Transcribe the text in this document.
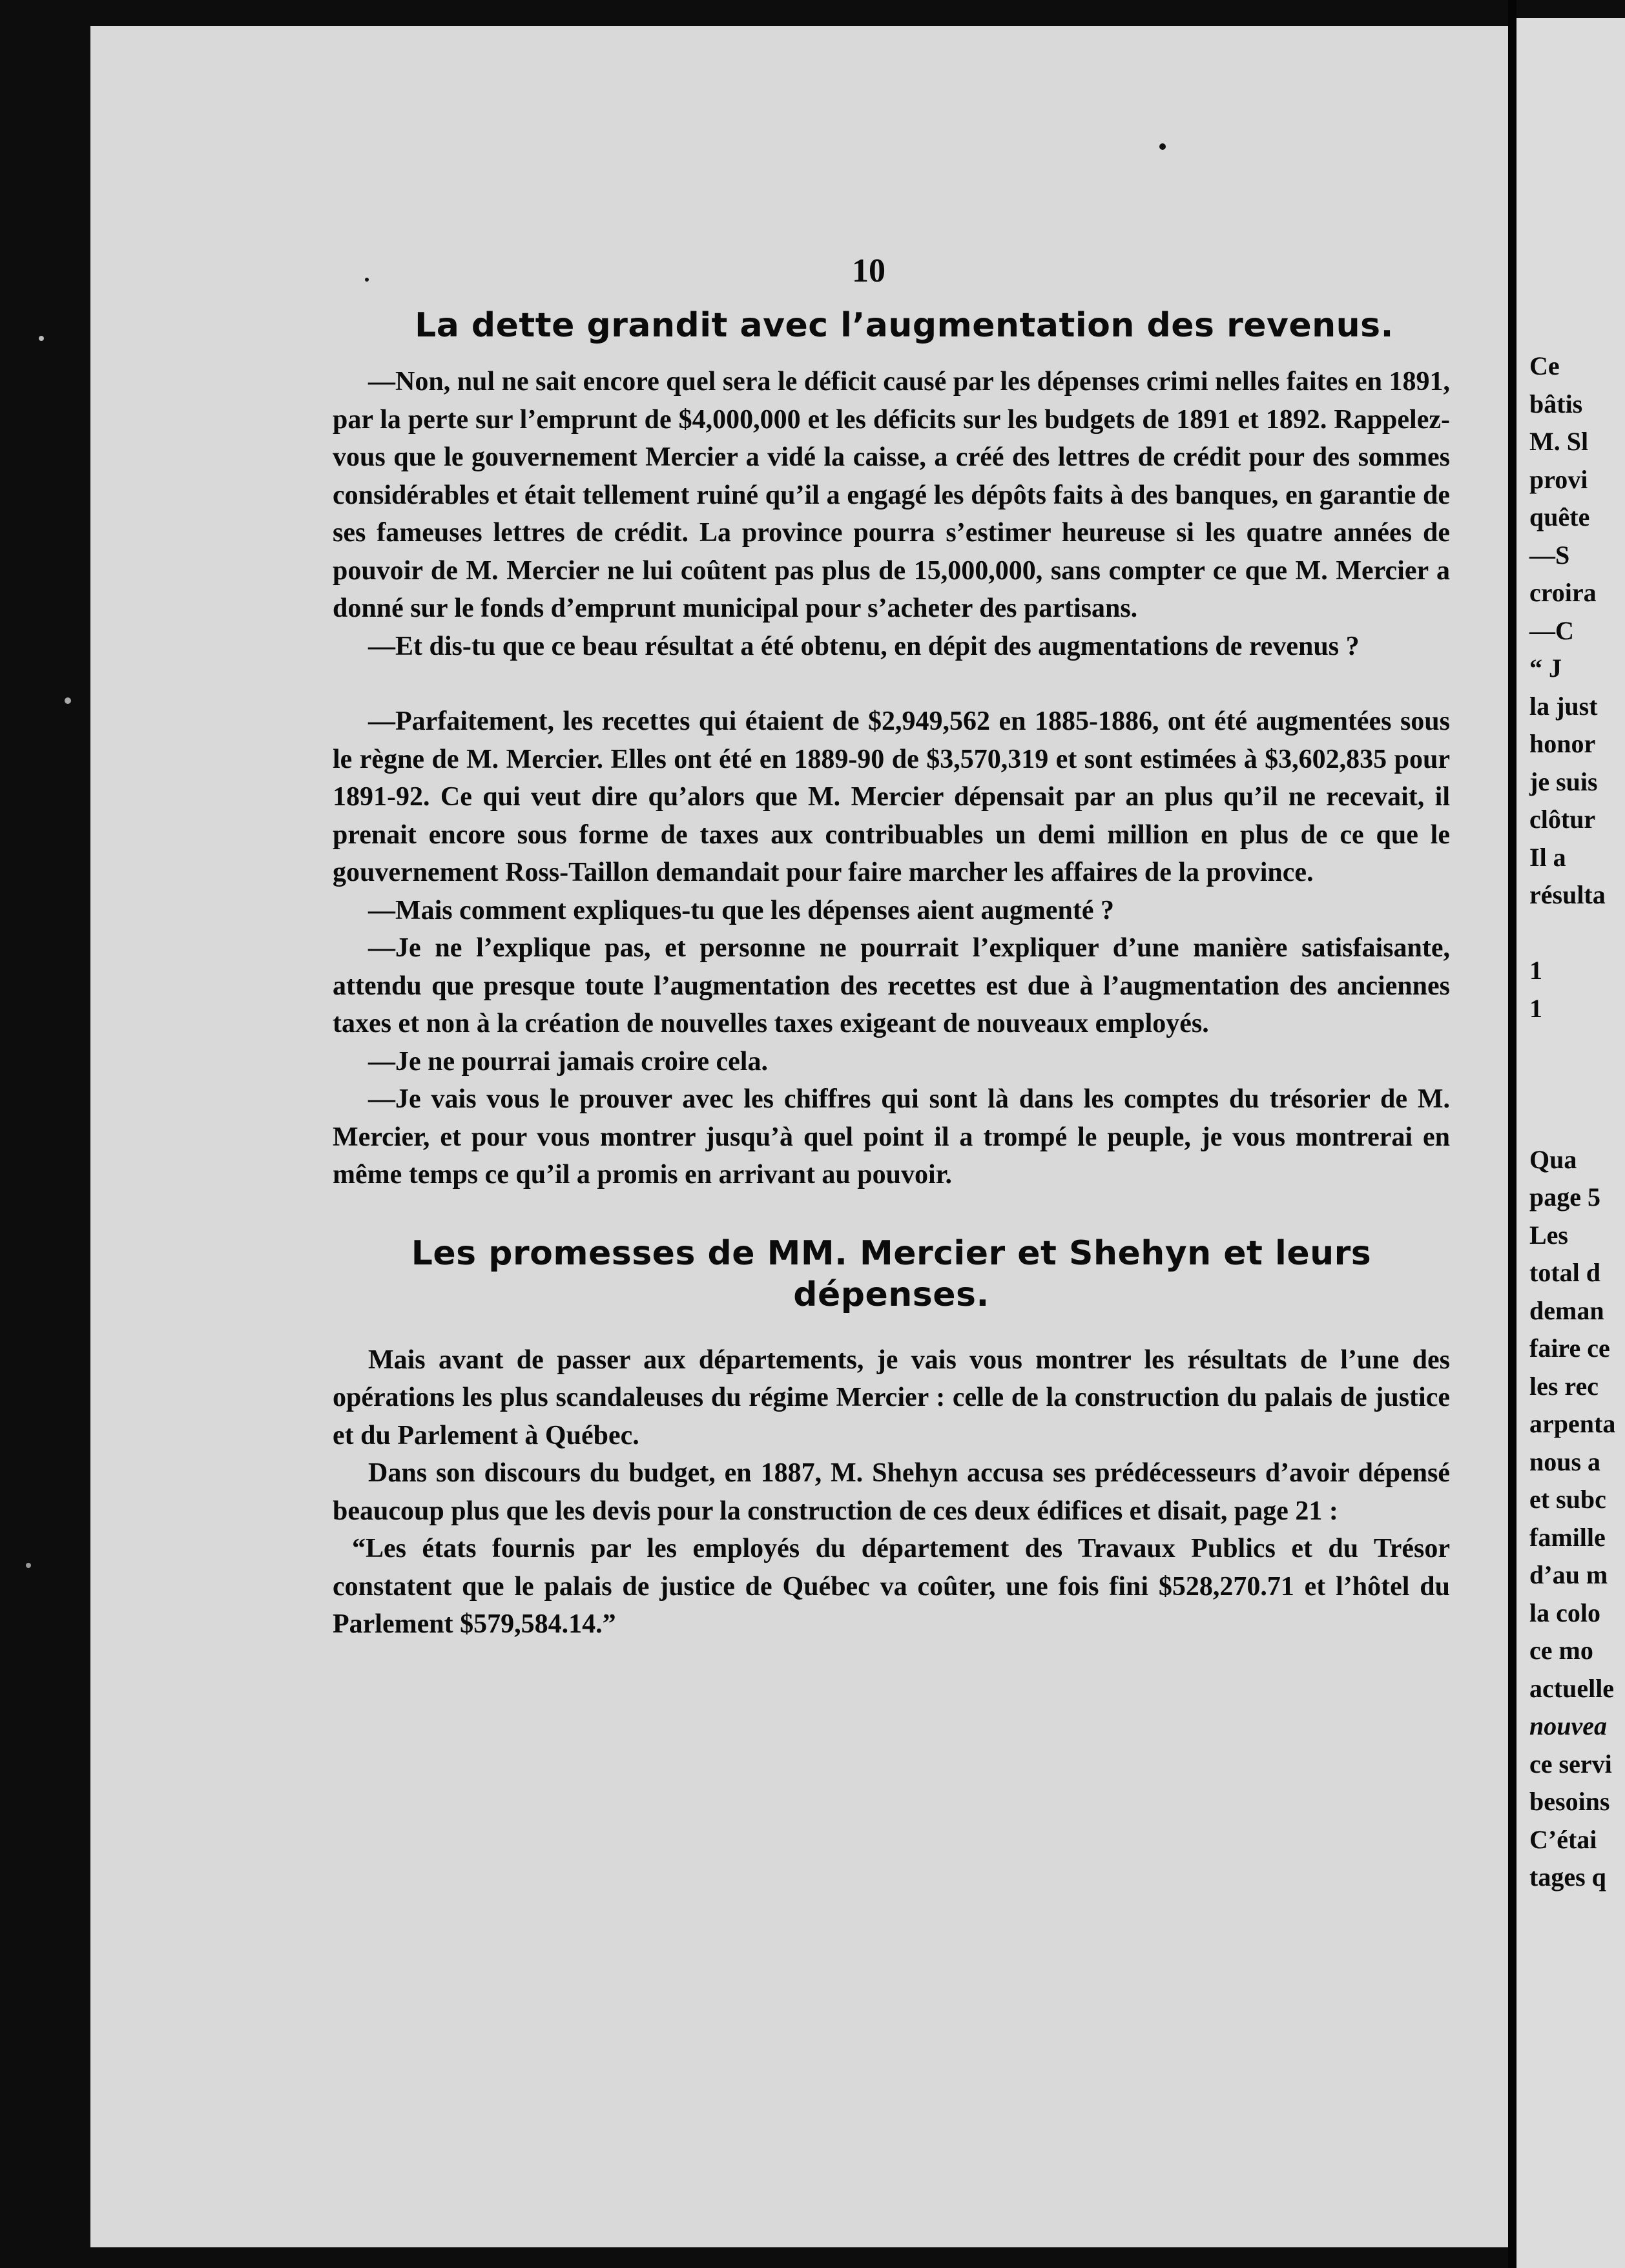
10
La dette grandit avec l’augmentation des revenus.

—Non, nul ne sait encore quel sera le déficit causé par les dépenses crimi nelles faites en 1891, par la perte sur l’emprunt de $4,000,000 et les déficits sur les budgets de 1891 et 1892. Rappelez-vous que le gouvernement Mercier a vidé la caisse, a créé des lettres de crédit pour des sommes considérables et était tellement ruiné qu’il a engagé les dépôts faits à des banques, en garantie de ses fameuses lettres de crédit. La province pourra s’estimer heureuse si les quatre années de pouvoir de M. Mercier ne lui coûtent pas plus de 15,000,000, sans compter ce que M. Mercier a donné sur le fonds d’emprunt municipal pour s’acheter des partisans.

—Et dis-tu que ce beau résultat a été obtenu, en dépit des augmentations de revenus ?

—Parfaitement, les recettes qui étaient de $2,949,562 en 1885-1886, ont été augmentées sous le règne de M. Mercier. Elles ont été en 1889-90 de $3,570,319 et sont estimées à $3,602,835 pour 1891-92. Ce qui veut dire qu’alors que M. Mercier dépensait par an plus qu’il ne recevait, il prenait encore sous forme de taxes aux contribuables un demi million en plus de ce que le gouvernement Ross-Taillon demandait pour faire marcher les affaires de la province.

—Mais comment expliques-tu que les dépenses aient augmenté ?

—Je ne l’explique pas, et personne ne pourrait l’expliquer d’une manière satisfaisante, attendu que presque toute l’augmentation des recettes est due à l’augmentation des anciennes taxes et non à la création de nouvelles taxes exigeant de nouveaux employés.

—Je ne pourrai jamais croire cela.

—Je vais vous le prouver avec les chiffres qui sont là dans les comptes du trésorier de M. Mercier, et pour vous montrer jusqu’à quel point il a trompé le peuple, je vous montrerai en même temps ce qu’il a promis en arrivant au pouvoir.

Les promesses de MM. Mercier et Shehyn et leurs dépenses.

Mais avant de passer aux départements, je vais vous montrer les résultats de l’une des opérations les plus scandaleuses du régime Mercier : celle de la construction du palais de justice et du Parlement à Québec.

Dans son discours du budget, en 1887, M. Shehyn accusa ses prédécesseurs d’avoir dépensé beaucoup plus que les devis pour la construction de ces deux édifices et disait, page 21 :

“Les états fournis par les employés du département des Travaux Publics et du Trésor constatent que le palais de justice de Québec va coûter, une fois fini $528,270.71 et l’hôtel du Parlement $579,584.14.”

Ce
bâtis
M. Sl
provi
quête
—S
croira
—C
“ J
la just
honor
je suis
clôtur
Il a
résulta
1
1
Qua
page 5
Les
total d
deman
faire ce
les rec
arpenta
nous a
et subc
famille
d’au m
la colo
ce mo
actuelle
nouvea
ce servi
besoins
C’étai
tages q
